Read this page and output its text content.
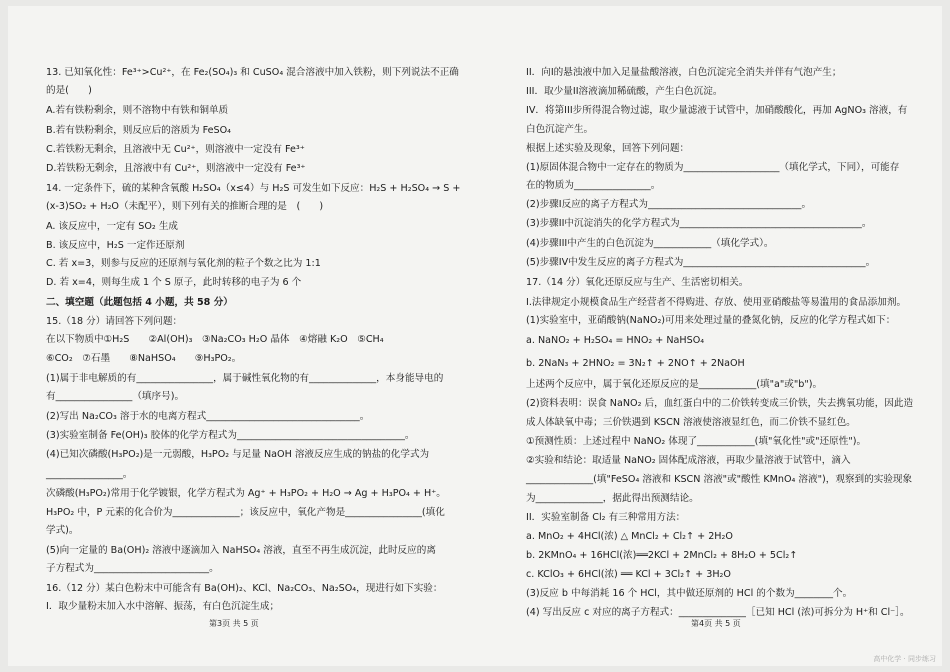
13. 已知氧化性：Fe³⁺>Cu²⁺，在 Fe₂(SO₄)₃ 和 CuSO₄ 混合溶液中加入铁粉，则下列说法不正确
的是(　　)
A.若有铁粉剩余，则不溶物中有铁和铜单质
B.若有铁粉剩余，则反应后的溶质为 FeSO₄
C.若铁粉无剩余，且溶液中无 Cu²⁺，则溶液中一定没有 Fe³⁺
D.若铁粉无剩余，且溶液中有 Cu²⁺，则溶液中一定没有 Fe³⁺
14. 一定条件下，硫的某种含氧酸 H₂SO₄（x≤4）与 H₂S 可发生如下反应：H₂S + H₂SO₄ → S +
(x-3)SO₂ + H₂O（未配平），则下列有关的推断合理的是　(　　)
A. 该反应中，一定有 SO₂ 生成
B. 该反应中，H₂S 一定作还原剂
C. 若 x=3，则参与反应的还原剂与氧化剂的粒子个数之比为 1:1
D. 若 x=4，则每生成 1 个 S 原子，此时转移的电子为 6 个
二、填空题（此题包括 4 小题，共 58 分）
15.（18 分）请回答下列问题：
在以下物质中①H₂S　　②Al(OH)₃　③Na₂CO₃ H₂O 晶体　④熔融 K₂O　⑤CH₄
⑥CO₂　⑦石墨　　⑧NaHSO₄　　⑨H₃PO₂。
(1)属于非电解质的有________________，属于碱性氧化物的有______________，本身能导电的
有________________（填序号)。
(2)写出 Na₂CO₃ 溶于水的电离方程式________________________________。
(3)实验室制备 Fe(OH)₃ 胶体的化学方程式为___________________________________。
(4)已知次磷酸(H₃PO₂)是一元弱酸，H₃PO₂ 与足量 NaOH 溶液反应生成的钠盐的化学式为
________________。
次磷酸(H₃PO₂)常用于化学镀银，化学方程式为 Ag⁺ + H₃PO₂ + H₂O → Ag + H₃PO₄ + H⁺。
H₃PO₂ 中，P 元素的化合价为______________；该反应中，氧化产物是________________(填化
学式)。
(5)向一定量的 Ba(OH)₂ 溶液中逐滴加入 NaHSO₄ 溶液，直至不再生成沉淀，此时反应的离
子方程式为________________________。
16.（12 分）某白色粉末中可能含有 Ba(OH)₂、KCl、Na₂CO₃、Na₂SO₄，现进行如下实验：
I．取少量粉末加入水中溶解、振荡，有白色沉淀生成；
II．向I的悬浊液中加入足量盐酸溶液，白色沉淀完全消失并伴有气泡产生；
III．取少量II溶液滴加稀硫酸，产生白色沉淀。
IV．将第III步所得混合物过滤，取少量滤液于试管中，加硝酸酸化，再加 AgNO₃ 溶液，有
白色沉淀产生。
根据上述实验及现象，回答下列问题：
(1)原固体混合物中一定存在的物质为____________________（填化学式，下同），可能存
在的物质为________________。
(2)步骤I反应的离子方程式为________________________________。
(3)步骤II中沉淀消失的化学方程式为______________________________________。
(4)步骤III中产生的白色沉淀为____________（填化学式）。
(5)步骤IV中发生反应的离子方程式为______________________________________。
17.（14 分）氧化还原反应与生产、生活密切相关。
I.法律规定小规模食品生产经营者不得购进、存放、使用亚硝酸盐等易滥用的食品添加剂。
(1)实验室中，亚硝酸钠(NaNO₂)可用来处理过量的叠氮化钠，反应的化学方程式如下：
a. NaNO₂ + H₂SO₄ = HNO₂ + NaHSO₄
b. 2NaN₃ + 2HNO₂ = 3N₂↑ + 2NO↑ + 2NaOH
上述两个反应中，属于氧化还原反应的是____________(填"a"或"b")。
(2)资料表明：误食 NaNO₂ 后，血红蛋白中的二价铁转变成三价铁，失去携氧功能，因此造
成人体缺氧中毒；三价铁遇到 KSCN 溶液使溶液显红色，而二价铁不显红色。
①预测性质：上述过程中 NaNO₂ 体现了____________(填"氧化性"或"还原性")。
②实验和结论：取适量 NaNO₂ 固体配成溶液，再取少量溶液于试管中，滴入
______________(填"FeSO₄ 溶液和 KSCN 溶液"或"酸性 KMnO₄ 溶液")，观察到的实验现象
为______________，据此得出预测结论。
II．实验室制备 Cl₂ 有三种常用方法：
a. MnO₂ + 4HCl(浓) △ MnCl₂ + Cl₂↑ + 2H₂O
b. 2KMnO₄ + 16HCl(浓)══2KCl + 2MnCl₂ + 8H₂O + 5Cl₂↑
c. KClO₃ + 6HCl(浓) ══ KCl + 3Cl₂↑ + 3H₂O
(3)反应 b 中每消耗 16 个 HCl，其中做还原剂的 HCl 的个数为________个。
(4) 写出反应 c 对应的离子方程式：______________［已知 HCl (浓)可拆分为 H⁺和 Cl⁻］。
第3页 共 5 页	第4页 共 5 页
高中化学 · 同步练习
